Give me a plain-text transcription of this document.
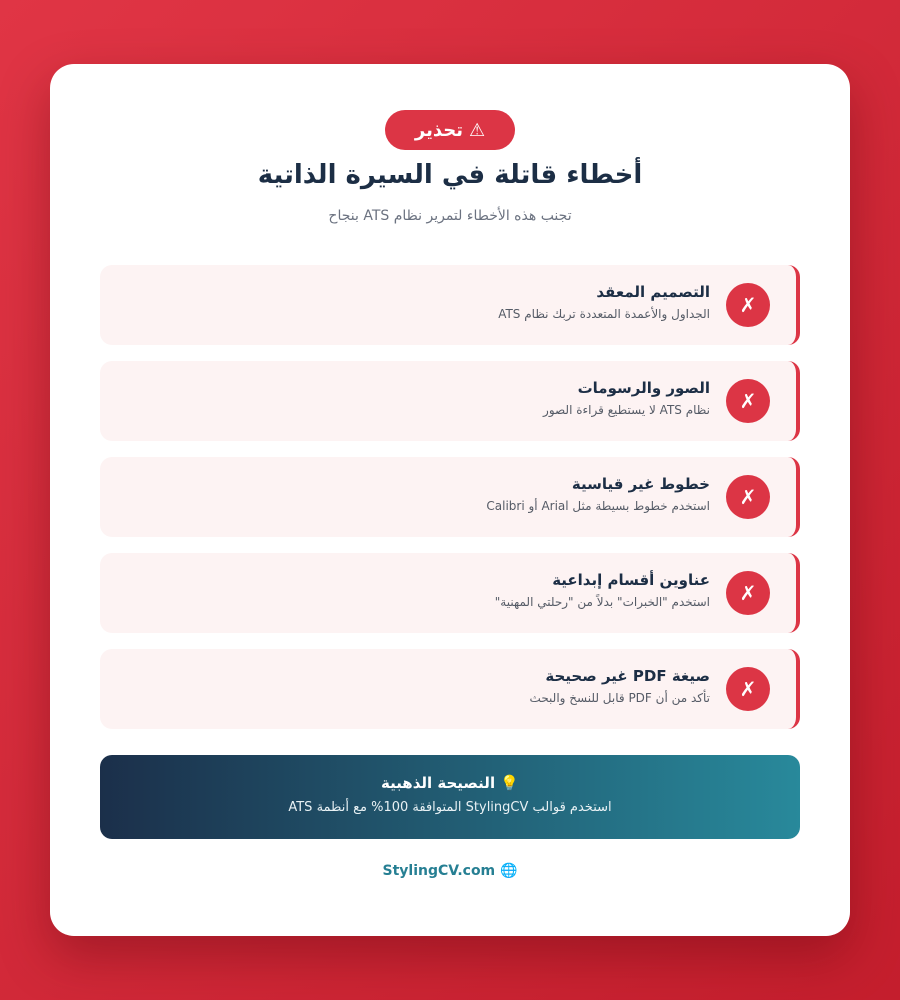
⚠
تحذير
أخطاء قاتلة في السيرة الذاتية

تجنب هذه الأخطاء لتمرير نظام ATS بنجاح

✗
التصميم المعقد
الجداول والأعمدة المتعددة تربك نظام ATS
✗
الصور والرسومات
نظام ATS لا يستطيع قراءة الصور
✗
خطوط غير قياسية
استخدم خطوط بسيطة مثل Arial أو Calibri
✗
عناوين أقسام إبداعية
استخدم "الخبرات" بدلاً من "رحلتي المهنية"
✗
صيغة PDF غير صحيحة
تأكد من أن PDF قابل للنسخ والبحث
💡 النصيحة الذهبية
استخدم قوالب StylingCV المتوافقة 100% مع أنظمة ATS
StylingCV.com 🌐
